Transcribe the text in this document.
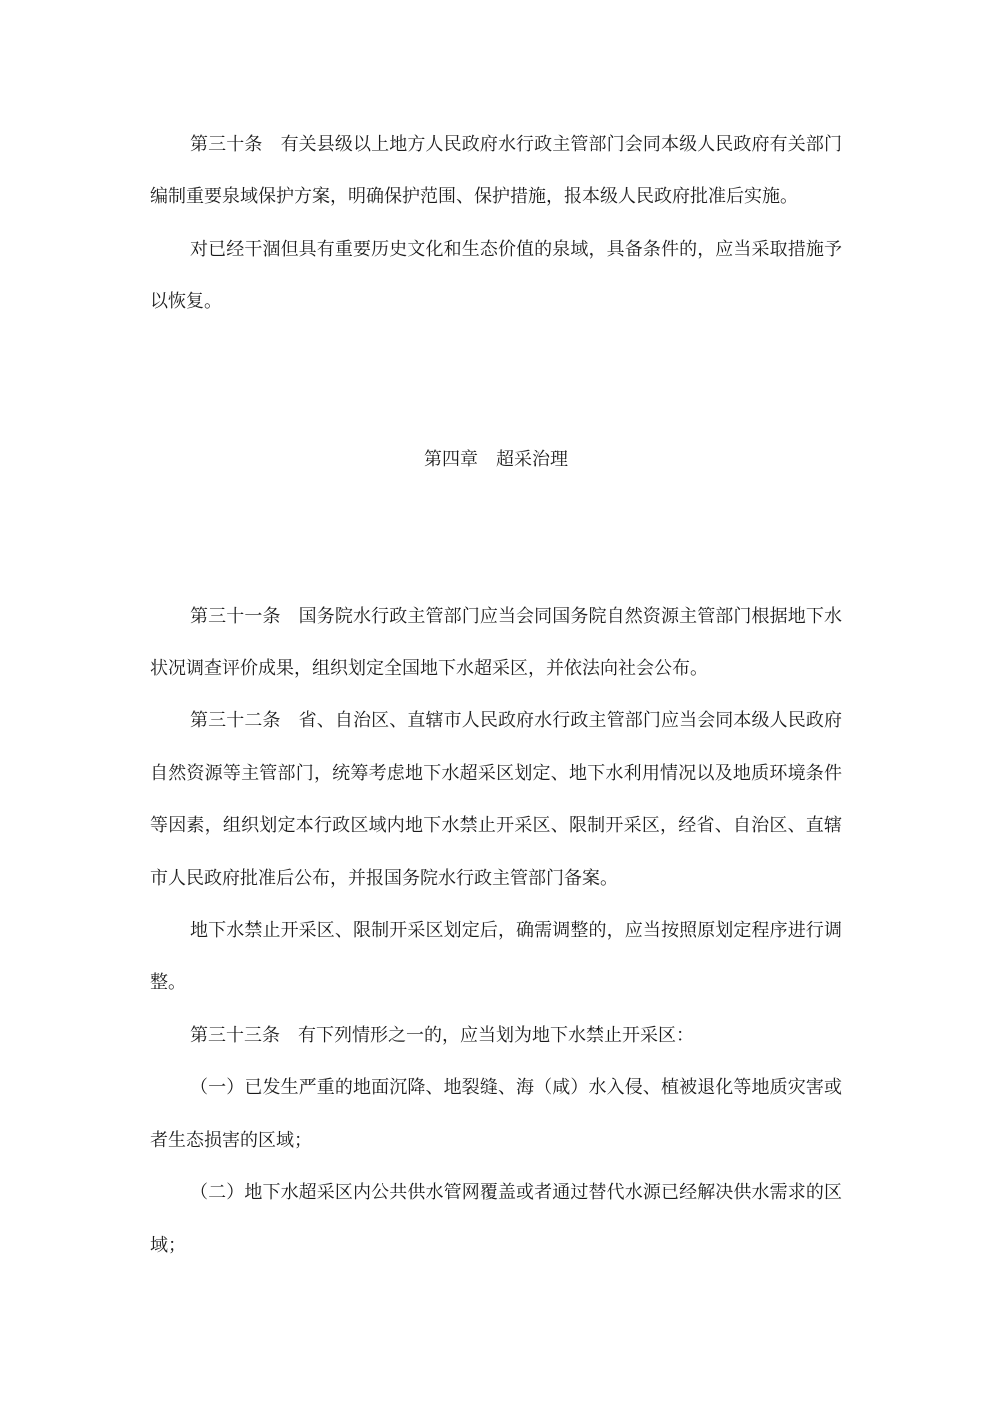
第三十条　有关县级以上地方人民政府水行政主管部门会同本级人民政府有关部门编制重要泉域保护方案，明确保护范围、保护措施，报本级人民政府批准后实施。

对已经干涸但具有重要历史文化和生态价值的泉域，具备条件的，应当采取措施予以恢复。

第四章　超采治理

第三十一条　国务院水行政主管部门应当会同国务院自然资源主管部门根据地下水状况调查评价成果，组织划定全国地下水超采区，并依法向社会公布。

第三十二条　省、自治区、直辖市人民政府水行政主管部门应当会同本级人民政府自然资源等主管部门，统筹考虑地下水超采区划定、地下水利用情况以及地质环境条件等因素，组织划定本行政区域内地下水禁止开采区、限制开采区，经省、自治区、直辖市人民政府批准后公布，并报国务院水行政主管部门备案。

地下水禁止开采区、限制开采区划定后，确需调整的，应当按照原划定程序进行调整。

第三十三条　有下列情形之一的，应当划为地下水禁止开采区：

（一）已发生严重的地面沉降、地裂缝、海（咸）水入侵、植被退化等地质灾害或者生态损害的区域；

（二）地下水超采区内公共供水管网覆盖或者通过替代水源已经解决供水需求的区域；
